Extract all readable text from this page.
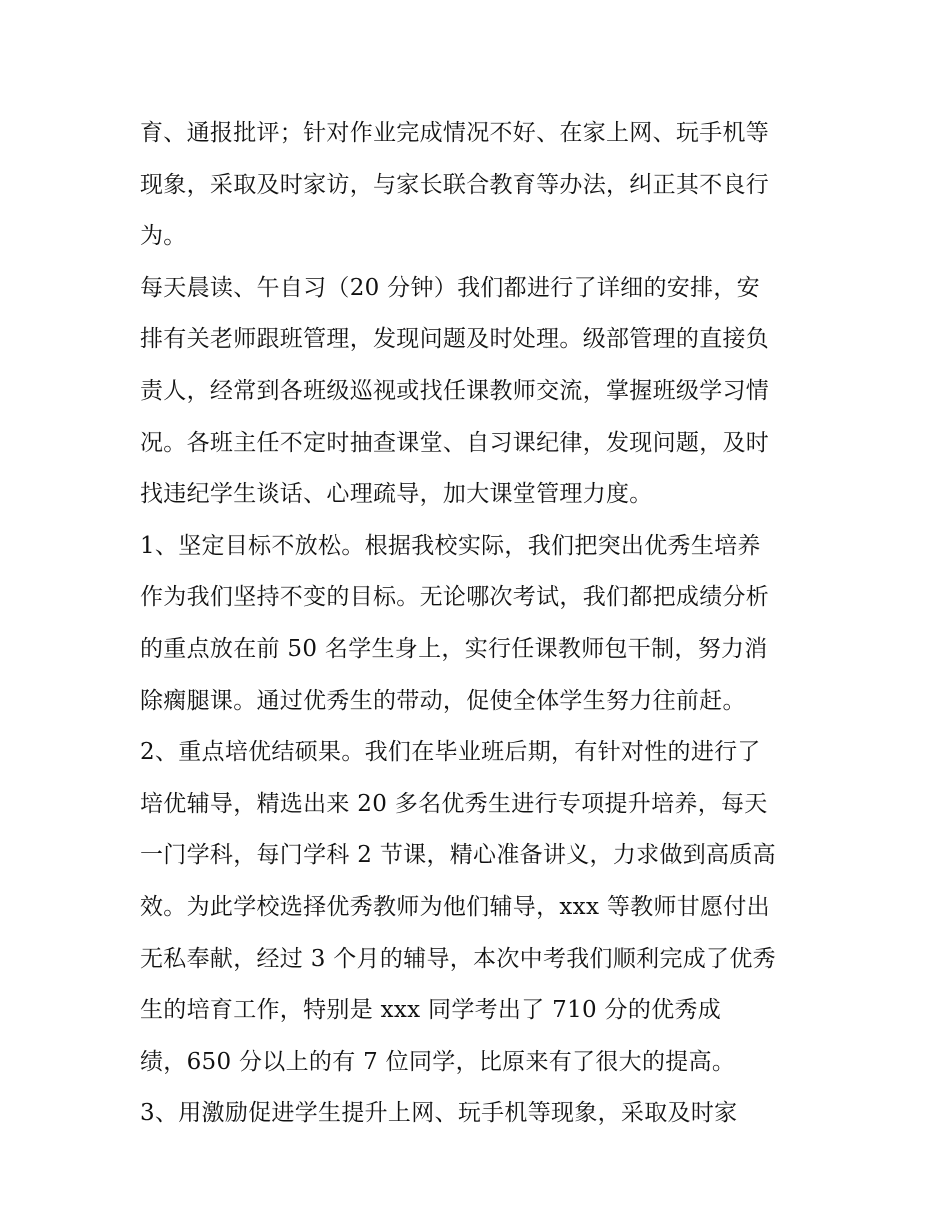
育、通报批评；针对作业完成情况不好、在家上网、玩手机等
现象，采取及时家访，与家长联合教育等办法，纠正其不良行
为。
每天晨读、午自习（20 分钟）我们都进行了详细的安排，安
排有关老师跟班管理，发现问题及时处理。级部管理的直接负
责人，经常到各班级巡视或找任课教师交流，掌握班级学习情
况。各班主任不定时抽查课堂、自习课纪律，发现问题，及时
找违纪学生谈话、心理疏导，加大课堂管理力度。
1、坚定目标不放松。根据我校实际，我们把突出优秀生培养
作为我们坚持不变的目标。无论哪次考试，我们都把成绩分析
的重点放在前 50 名学生身上，实行任课教师包干制，努力消
除瘸腿课。通过优秀生的带动，促使全体学生努力往前赶。
2、重点培优结硕果。我们在毕业班后期，有针对性的进行了
培优辅导，精选出来 20 多名优秀生进行专项提升培养，每天
一门学科，每门学科 2 节课，精心准备讲义，力求做到高质高
效。为此学校选择优秀教师为他们辅导，xxx 等教师甘愿付出
无私奉献，经过 3 个月的辅导，本次中考我们顺利完成了优秀
生的培育工作，特别是 xxx 同学考出了 710 分的优秀成
绩，650 分以上的有 7 位同学，比原来有了很大的提高。
3、用激励促进学生提升上网、玩手机等现象，采取及时家
